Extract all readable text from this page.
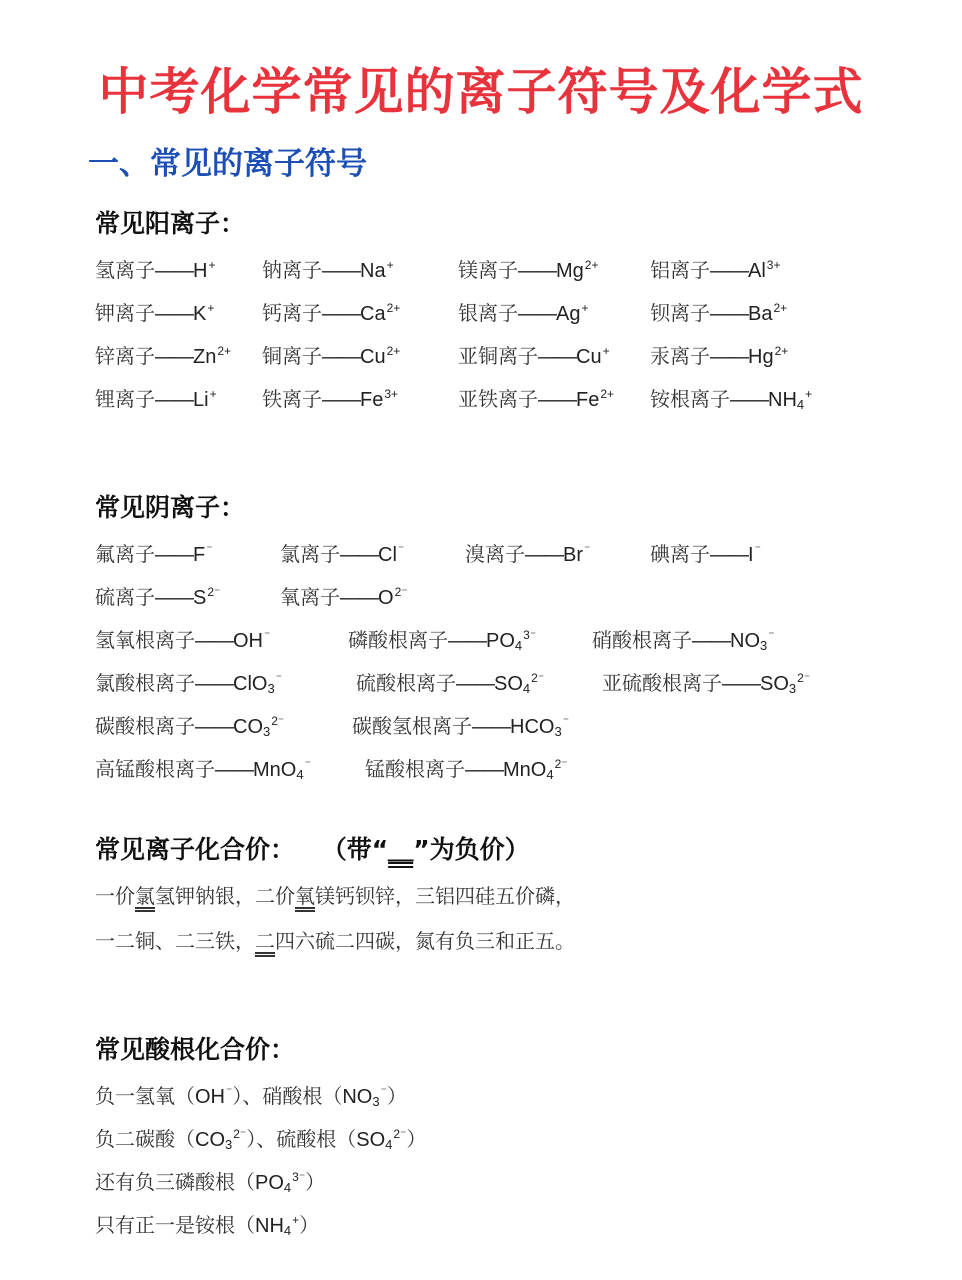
中考化学常见的离子符号及化学式
一、常见的离子符号
常见阳离子：
氢离子——H+ 钠离子——Na+	镁离子$——Mg^{2+}$	铝离子$——Al^{3+}$
钾离子——K+ 钙离子$——Ca^{2+}$	银离子——Ag+	钡离子$——Ba^{2+}$
锌离子$——Zn^{2+}$ 铜离子$——Cu^{2+}$	亚铜离子——Cu+ 汞离子$——Hg^{2+}$
锂离子——Li+ 铁离子$——Fe^{3+}$	亚铁离子$——Fe^{2+}$ 铵根离子——NH4+
常见阴离子：
氟离子——F⁻	氯离子——Cl⁻	溴离子——Br⁻	碘离子——I⁻
硫离子$——S^{2^-}$	氧离子$——O^{2^-}$
氢氧根离子——OH⁻	磷酸根离子$——PO4^{3^-}$	硝酸根离子——NO3⁻
氯酸根离子——ClO3⁻	硫酸根离子$——SO4^{2^-}$	亚硫酸根离子$——SO3^{2^-}$
碳酸根离子$——CO3^{2^-}$	碳酸氢根离子——HCO3⁻
高锰酸根离子——MnO4⁻	锰酸根离子$——MnO4^{2^-}$
常见离子化合价： （带“＿”为负价）
一价氯氢钾钠银，二价氧镁钙钡锌，三铝四硅五价磷，
一二铜、二三铁，二四六硫二四碳，氮有负三和正五。
常见酸根化合价：
负一氢氧（OH⁻）、硝酸根（NO3⁻）
负二碳酸$(CO3^{2^-})$、硫酸根$(SO4^{2^-})$
还有负三磷酸根$(PO4^{3^-})$
只有正一是铵根（NH4+）
